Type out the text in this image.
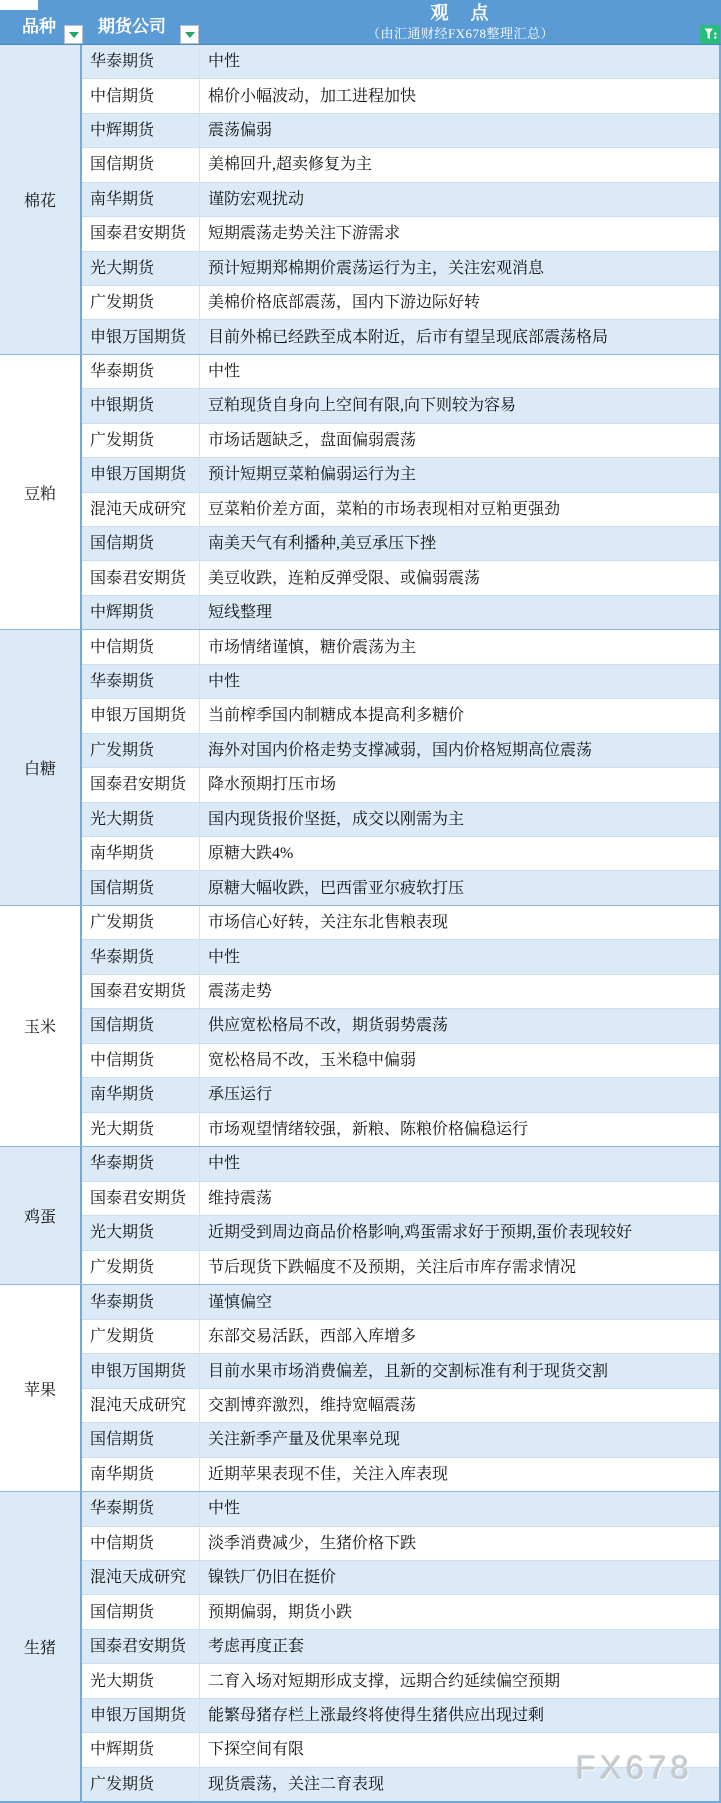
品种 期货公司
观　点
（由汇通财经FX678整理汇总）
棉花
华泰期货	中性
中信期货	棉价小幅波动，加工进程加快
中辉期货	震荡偏弱
国信期货	美棉回升,超卖修复为主
南华期货	谨防宏观扰动
国泰君安期货	短期震荡走势关注下游需求
光大期货	预计短期郑棉期价震荡运行为主，关注宏观消息
广发期货	美棉价格底部震荡，国内下游边际好转
申银万国期货	目前外棉已经跌至成本附近，后市有望呈现底部震荡格局
豆粕
华泰期货	中性
中银期货	豆粕现货自身向上空间有限,向下则较为容易
广发期货	市场话题缺乏，盘面偏弱震荡
申银万国期货	预计短期豆菜粕偏弱运行为主
混沌天成研究	豆菜粕价差方面，菜粕的市场表现相对豆粕更强劲
国信期货	南美天气有利播种,美豆承压下挫
国泰君安期货	美豆收跌，连粕反弹受限、或偏弱震荡
中辉期货	短线整理
白糖
中信期货	市场情绪谨慎，糖价震荡为主
华泰期货	中性
申银万国期货	当前榨季国内制糖成本提高利多糖价
广发期货	海外对国内价格走势支撑减弱，国内价格短期高位震荡
国泰君安期货	降水预期打压市场
光大期货	国内现货报价坚挺，成交以刚需为主
南华期货	原糖大跌4%
国信期货	原糖大幅收跌，巴西雷亚尔疲软打压
玉米
广发期货	市场信心好转，关注东北售粮表现
华泰期货	中性
国泰君安期货	震荡走势
国信期货	供应宽松格局不改，期货弱势震荡
中信期货	宽松格局不改，玉米稳中偏弱
南华期货	承压运行
光大期货	市场观望情绪较强，新粮、陈粮价格偏稳运行
鸡蛋
华泰期货	中性
国泰君安期货	维持震荡
光大期货	近期受到周边商品价格影响,鸡蛋需求好于预期,蛋价表现较好
广发期货	节后现货下跌幅度不及预期，关注后市库存需求情况
苹果
华泰期货	谨慎偏空
广发期货	东部交易活跃，西部入库增多
申银万国期货	目前水果市场消费偏差，且新的交割标准有利于现货交割
混沌天成研究	交割博弈激烈，维持宽幅震荡
国信期货	关注新季产量及优果率兑现
南华期货	近期苹果表现不佳，关注入库表现
生猪
华泰期货	中性
中信期货	淡季消费减少，生猪价格下跌
混沌天成研究	镍铁厂仍旧在挺价
国信期货	预期偏弱，期货小跌
国泰君安期货	考虑再度正套
光大期货	二育入场对短期形成支撑，远期合约延续偏空预期
申银万国期货	能繁母猪存栏上涨最终将使得生猪供应出现过剩
中辉期货	下探空间有限
广发期货	现货震荡，关注二育表现	FX678
